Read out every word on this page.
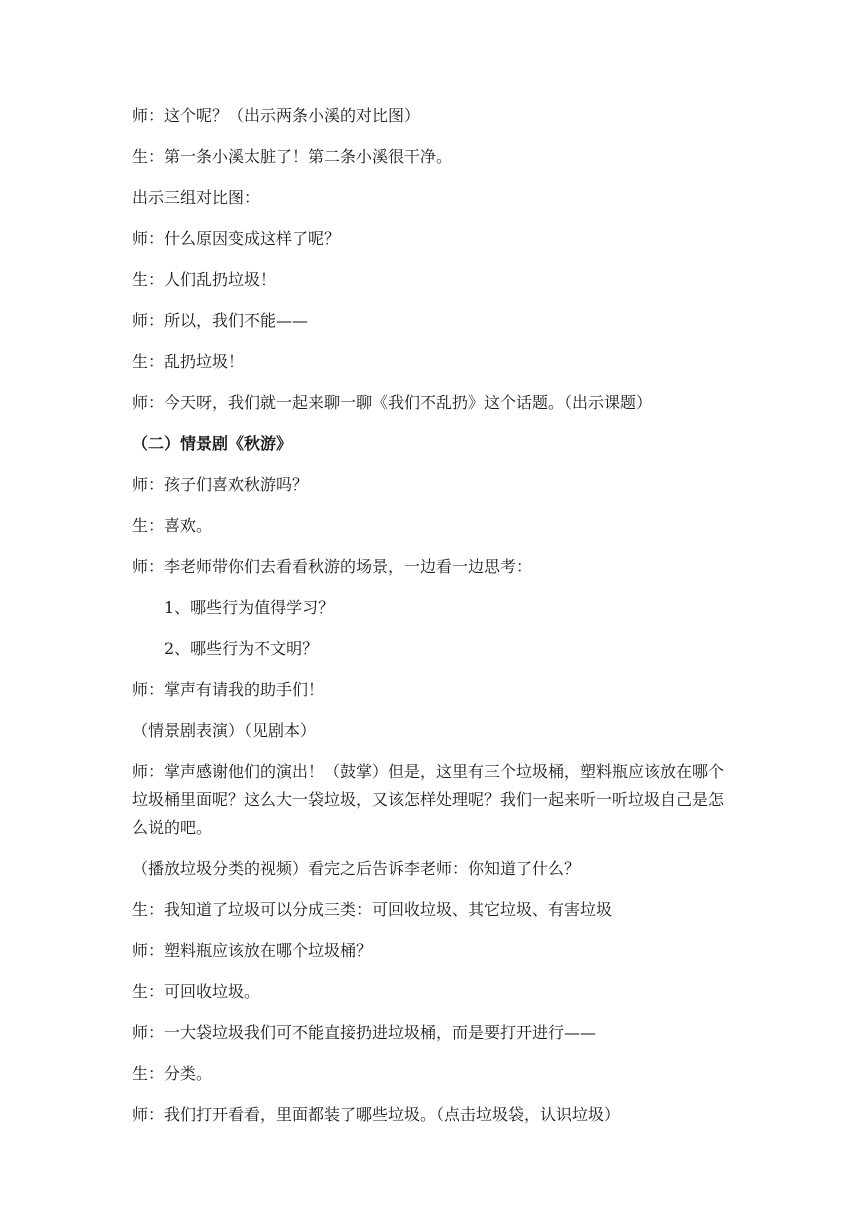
师：这个呢？（出示两条小溪的对比图）

生：第一条小溪太脏了！第二条小溪很干净。

出示三组对比图：

师：什么原因变成这样了呢？

生：人们乱扔垃圾！

师：所以，我们不能——

生：乱扔垃圾！

师：今天呀，我们就一起来聊一聊《我们不乱扔》这个话题。（出示课题）

（二）情景剧《秋游》

师：孩子们喜欢秋游吗？

生：喜欢。

师：李老师带你们去看看秋游的场景，一边看一边思考：

1、哪些行为值得学习？

2、哪些行为不文明？

师：掌声有请我的助手们！

（情景剧表演）（见剧本）

师：掌声感谢他们的演出！（鼓掌）但是，这里有三个垃圾桶，塑料瓶应该放在哪个垃圾桶里面呢？这么大一袋垃圾，又该怎样处理呢？我们一起来听一听垃圾自己是怎么说的吧。

（播放垃圾分类的视频）看完之后告诉李老师：你知道了什么？

生：我知道了垃圾可以分成三类：可回收垃圾、其它垃圾、有害垃圾

师：塑料瓶应该放在哪个垃圾桶？

生：可回收垃圾。

师：一大袋垃圾我们可不能直接扔进垃圾桶，而是要打开进行——

生：分类。

师：我们打开看看，里面都装了哪些垃圾。（点击垃圾袋，认识垃圾）
